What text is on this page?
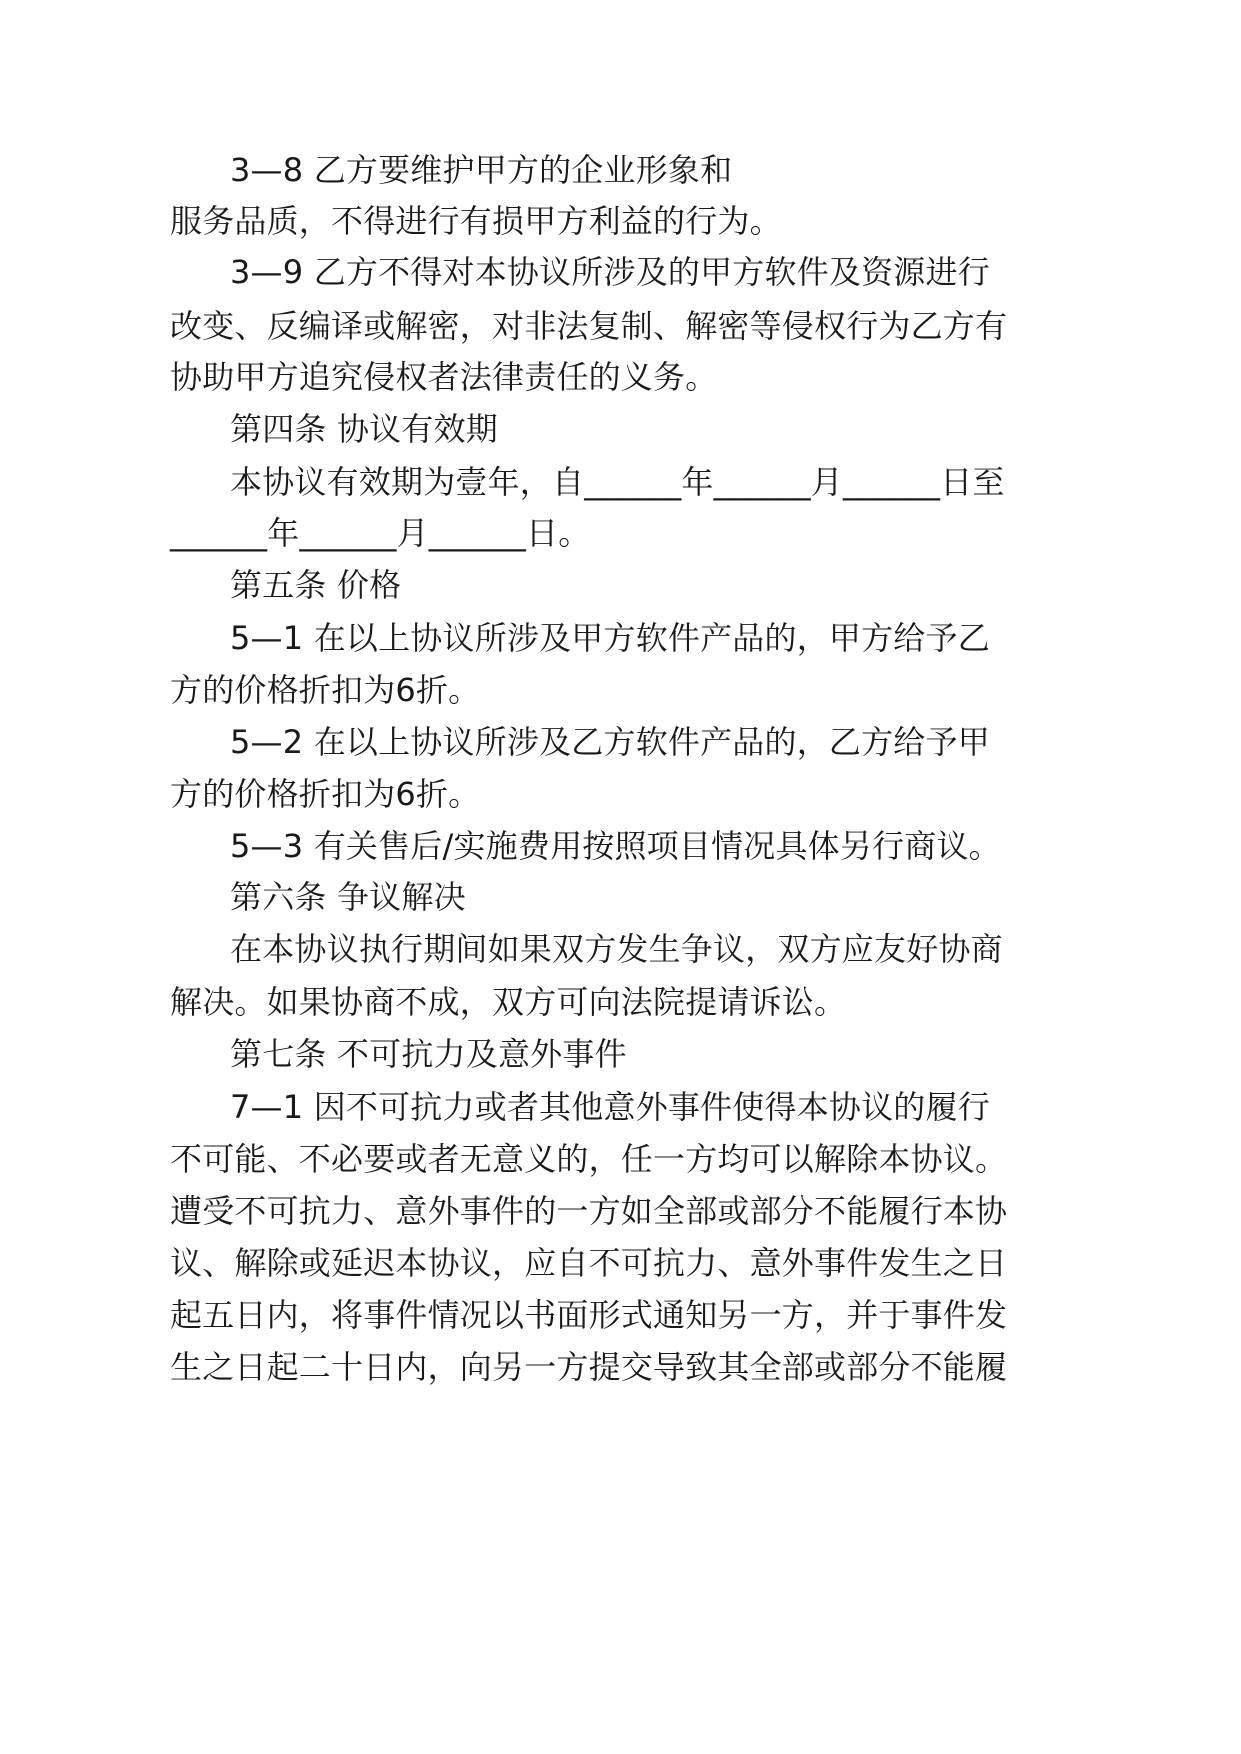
3—8 乙方要维护甲方的企业形象和
服务品质，不得进行有损甲方利益的行为。
3—9 乙方不得对本协议所涉及的甲方软件及资源进行
改变、反编译或解密，对非法复制、解密等侵权行为乙方有
协助甲方追究侵权者法律责任的义务。
第四条 协议有效期
本协议有效期为壹年，自______年______月______日至
______年______月______日。
第五条 价格
5—1 在以上协议所涉及甲方软件产品的，甲方给予乙
方的价格折扣为6折。
5—2 在以上协议所涉及乙方软件产品的，乙方给予甲
方的价格折扣为6折。
5—3 有关售后/实施费用按照项目情况具体另行商议。
第六条 争议解决
在本协议执行期间如果双方发生争议，双方应友好协商
解决。如果协商不成，双方可向法院提请诉讼。
第七条 不可抗力及意外事件
7—1 因不可抗力或者其他意外事件使得本协议的履行
不可能、不必要或者无意义的，任一方均可以解除本协议。
遭受不可抗力、意外事件的一方如全部或部分不能履行本协
议、解除或延迟本协议，应自不可抗力、意外事件发生之日
起五日内，将事件情况以书面形式通知另一方，并于事件发
生之日起二十日内，向另一方提交导致其全部或部分不能履
